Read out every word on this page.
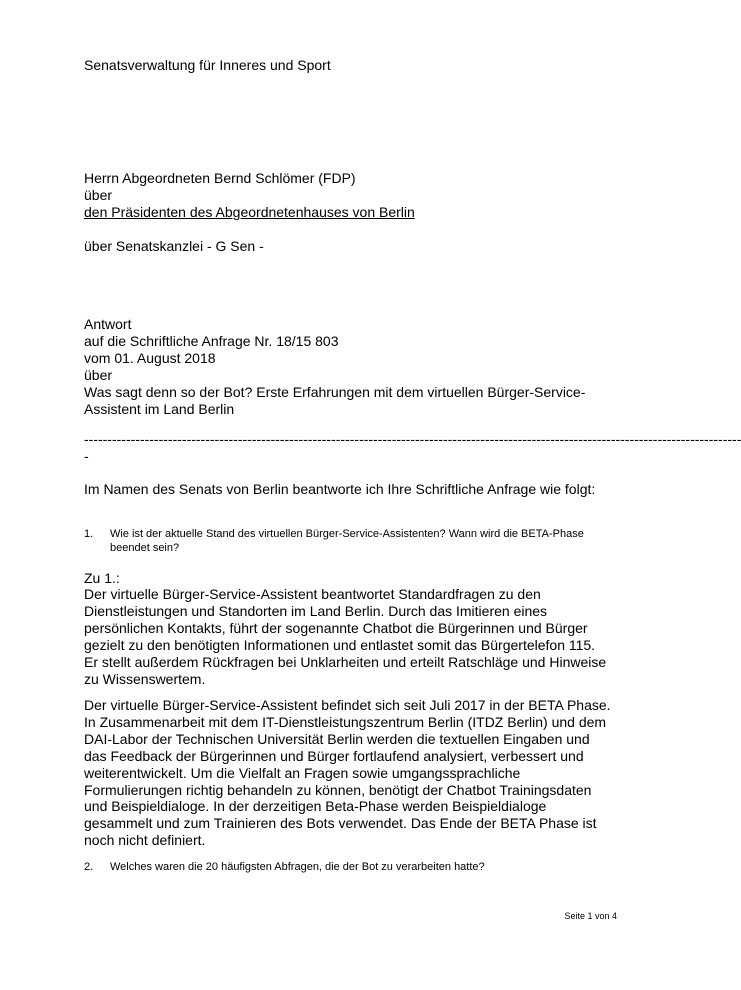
Senatsverwaltung für Inneres und Sport
Herrn Abgeordneten Bernd Schlömer (FDP)
über
den Präsidenten des Abgeordnetenhauses von Berlin
über Senatskanzlei - G Sen -
Antwort
auf die Schriftliche Anfrage Nr. 18/15 803
vom 01. August 2018
über
Was sagt denn so der Bot? Erste Erfahrungen mit dem virtuellen Bürger-Service-
Assistent im Land Berlin
---------------------------------------------------------------------------------------------------------------------------------------------
-
Im Namen des Senats von Berlin beantworte ich Ihre Schriftliche Anfrage wie folgt:
1. Wie ist der aktuelle Stand des virtuellen Bürger-Service-Assistenten? Wann wird die BETA-Phase
beendet sein?
Zu 1.:
Der virtuelle Bürger-Service-Assistent beantwortet Standardfragen zu den
Dienstleistungen und Standorten im Land Berlin. Durch das Imitieren eines
persönlichen Kontakts, führt der sogenannte Chatbot die Bürgerinnen und Bürger
gezielt zu den benötigten Informationen und entlastet somit das Bürgertelefon 115.
Er stellt außerdem Rückfragen bei Unklarheiten und erteilt Ratschläge und Hinweise
zu Wissenswertem.
Der virtuelle Bürger-Service-Assistent befindet sich seit Juli 2017 in der BETA Phase.
In Zusammenarbeit mit dem IT-Dienstleistungszentrum Berlin (ITDZ Berlin) und dem
DAI-Labor der Technischen Universität Berlin werden die textuellen Eingaben und
das Feedback der Bürgerinnen und Bürger fortlaufend analysiert, verbessert und
weiterentwickelt. Um die Vielfalt an Fragen sowie umgangssprachliche
Formulierungen richtig behandeln zu können, benötigt der Chatbot Trainingsdaten
und Beispieldialoge. In der derzeitigen Beta-Phase werden Beispieldialoge
gesammelt und zum Trainieren des Bots verwendet. Das Ende der BETA Phase ist
noch nicht definiert.
2. Welches waren die 20 häufigsten Abfragen, die der Bot zu verarbeiten hatte?
Seite 1 von 4
